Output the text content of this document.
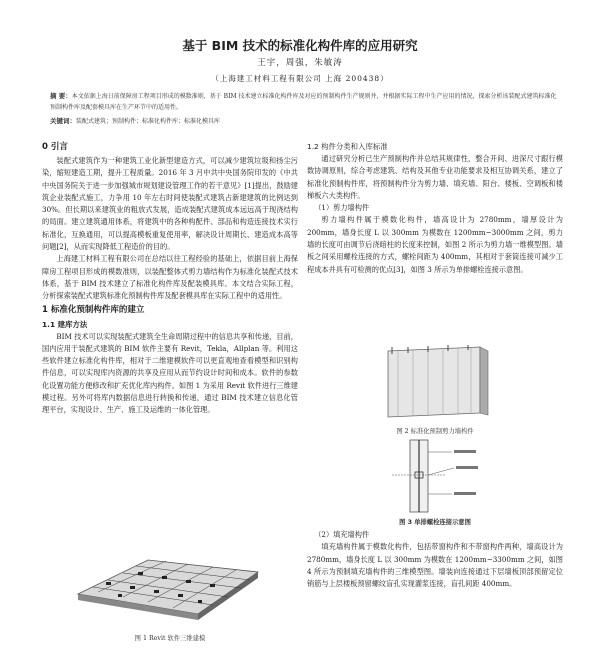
基于 BIM 技术的标准化构件库的应用研究
王宇，周强，朱敏涛
（上海建工材料工程有限公司 上海 200438）
摘 要：本文依据上海日前保障房工程项目形成的模数准则，基于 BIM 技术建立标准化构件库及对应的预制构件生产规则并，并根据实际工程中生产应用的情况，探索分析该装配式建筑标准化预制构件库及配套模具库在生产环节中的适用性。
关键词：装配式建筑；预制构件；标准化构件库；标准化模具库
0 引言

装配式建筑作为一种建筑工业化新型建造方式，可以减少建筑垃圾和扬尘污染，缩短建造工期，提升工程质量。2016 年 3 月中共中央国务院印发的《中共中央国务院关于进一步加强城市规划建设管理工作的若干意见》[1]提出，鼓励建筑企业装配式施工，力争用 10 年左右时间使装配式建筑占新建建筑的比例达到 30%。但长期以来建筑业的粗放式发展，造成装配式建筑成本远远高于现浇结构的局面。建立建筑通用体系，将建筑中的各种构配件、部品和构造连接技术实行标准化，互换通用，可以提高模板重复使用率，解决设计周期长、建造成本高等问题[2]，从而实现降低工程造价的目的。

上海建工材料工程有限公司在总结以往工程经验的基础上，依据目前上海保障房工程项目形成的模数准则，以装配整体式剪力墙结构作为标准化装配式技术体系，基于 BIM 技术建立了标准化构件库及配装模具库。本文结合实际工程，分析探索装配式建筑标准化预制构件库及配套模具库在实际工程中的适用性。

1 标准化预制构件库的建立
1.1 建库方法

BIM 技术可以实现装配式建筑全生命周期过程中的信息共享和传递，目前，国内应用于装配式建筑的 BIM 软件主要有 Revit，Tekla，Allplan 等。利用这些软件建立标准化构件库，相对于二维建模软件可以更直观地查看模型和识别构件信息，可以实现库内资源的共享及应用从而节约设计时间和成本。软件的参数化设置功能方便修改和扩充优化库内构件。如图 1 为采用 Revit 软件进行三维建模过程。另外可将库内数据信息进行转换和传递，通过 BIM 技术建立信息化管理平台，实现设计、生产、施工及运维的一体化管理。

图 1 Revit 软件三维建模
1.2 构件分类和入库标准

通过研究分析已生产预制构件并总结其规律性，整合开间、进深尺寸跟行模数协调原则，综合考虑建筑、结构及其他专业功能要求及相互协调关系，建立了标准化预制构件库，将预制构件分为剪力墙、填充墙、阳台、楼板、空调板和楼梯板六大类构件。

（1）剪力墙构件

剪力墙构件属于模数化构件，墙高设计为 2780mm，墙厚设计为 200mm，墙身长度 L 以 300mm 为模数在 1200mm~3000mm 之间，剪力墙的长度可由调节后浇暗柱的长度来控制，如图 2 所示为剪力墙一维模型图。墙板之间采用螺栓连接的方式，螺栓间距为 400mm，其相对于套筒连接可减少工程成本并具有可检测的优点[3]，如图 3 所示为单排螺栓连接示意图。

图 2 标准化预制剪力墙构件
图 3 单排螺栓连接示意图
（2）填充墙构件

填充墙构件属于模数化构件，包括带窗构件和不带窗构件两种，墙高设计为 2780mm，墙身长度 L 以 300mm 为模数在 1200mm~3300mm 之间，如图 4 所示为预制填充墙构件的三维模型图。墙装向连接通过下层墙板顶部预留定位销筋与上层楼板预留螺纹盲孔实现灌浆连接，盲孔间距 400mm。
